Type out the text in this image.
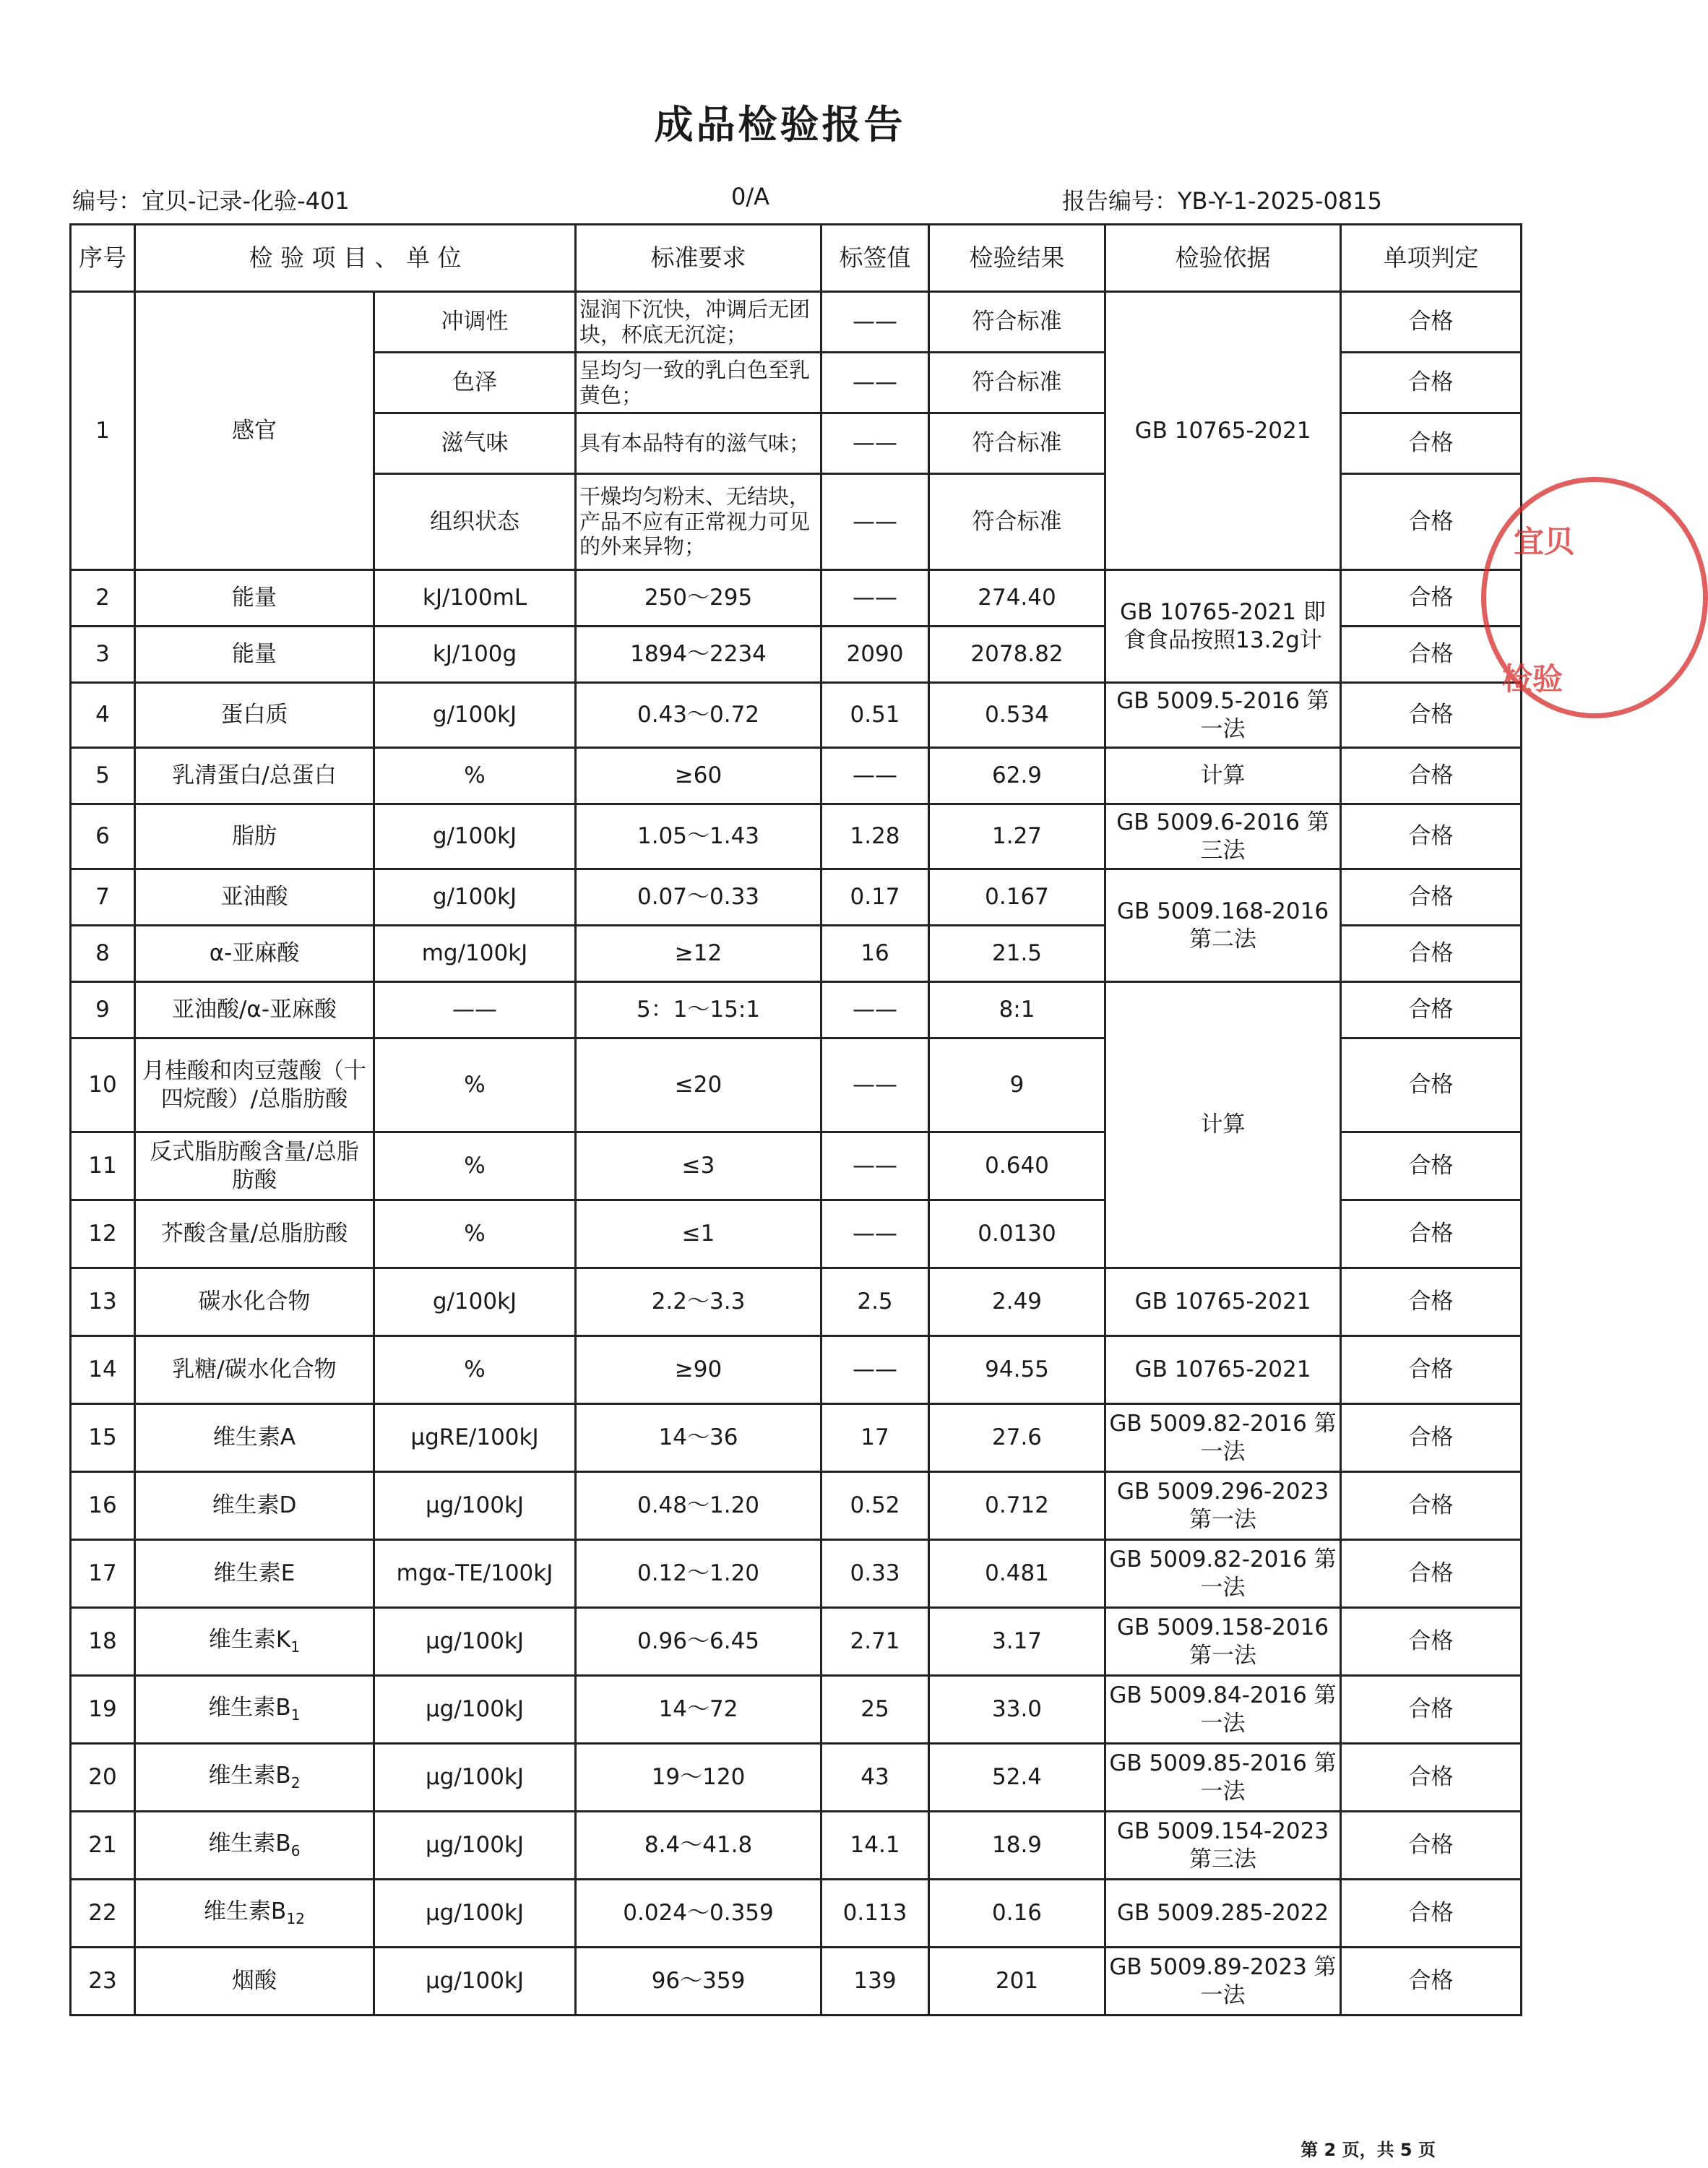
成品检验报告
编号：宜贝-记录-化验-401	0/A	报告编号：YB-Y-1-2025-0815
序号	检 验 项 目 、 单 位		标准要求	标签值	检验结果	检验依据	单项判定
1	感官	冲调性	湿润下沉快，冲调后无团块，杯底无沉淀；	——	符合标准	GB 10765-2021	合格
		色泽	呈均匀一致的乳白色至乳黄色；	——	符合标准		合格
		滋气味	具有本品特有的滋气味；	——	符合标准		合格
		组织状态	干燥均匀粉末、无结块，产品不应有正常视力可见的外来异物；	——	符合标准		合格
2	能量	kJ/100mL	250～295	——	274.40	GB 10765-2021 即食食品按照13.2g计	合格
3	能量	kJ/100g	1894～2234	2090	2078.82		合格
4	蛋白质	g/100kJ	0.43～0.72	0.51	0.534	GB 5009.5-2016 第一法	合格
5	乳清蛋白/总蛋白	%	≥60	——	62.9	计算	合格
6	脂肪	g/100kJ	1.05～1.43	1.28	1.27	GB 5009.6-2016 第三法	合格
7	亚油酸	g/100kJ	0.07～0.33	0.17	0.167	GB 5009.168-2016 第二法	合格
8	α-亚麻酸	mg/100kJ	≥12	16	21.5		合格
9	亚油酸/α-亚麻酸	——	5：1～15:1	——	8:1	计算	合格
10	月桂酸和肉豆蔻酸（十四烷酸）/总脂肪酸	%	≤20	——	9		合格
11	反式脂肪酸含量/总脂肪酸	%	≤3	——	0.640		合格
12	芥酸含量/总脂肪酸	%	≤1	——	0.0130		合格
13	碳水化合物	g/100kJ	2.2～3.3	2.5	2.49	GB 10765-2021	合格
14	乳糖/碳水化合物	%	≥90	——	94.55	GB 10765-2021	合格
15	维生素A	μgRE/100kJ	14～36	17	27.6	GB 5009.82-2016 第一法	合格
16	维生素D	μg/100kJ	0.48～1.20	0.52	0.712	GB 5009.296-2023 第一法	合格
17	维生素E	mgα-TE/100kJ	0.12～1.20	0.33	0.481	GB 5009.82-2016 第一法	合格
18	维生素$K_1$	μg/100kJ	0.96～6.45	2.71	3.17	GB 5009.158-2016 第一法	合格
19	维生素$B_1$	μg/100kJ	14～72	25	33.0	GB 5009.84-2016 第一法	合格
20	维生素$B_2$	μg/100kJ	19～120	43	52.4	GB 5009.85-2016 第一法	合格
21	维生素$B_6$	μg/100kJ	8.4～41.8	14.1	18.9	GB 5009.154-2023 第三法	合格
22	维生素$B_{12}$	μg/100kJ	0.024～0.359	0.113	0.16	GB 5009.285-2022	合格
23	烟酸	μg/100kJ	96～359	139	201	GB 5009.89-2023 第一法	合格
宜贝
检验
第 2 页，共 5 页
